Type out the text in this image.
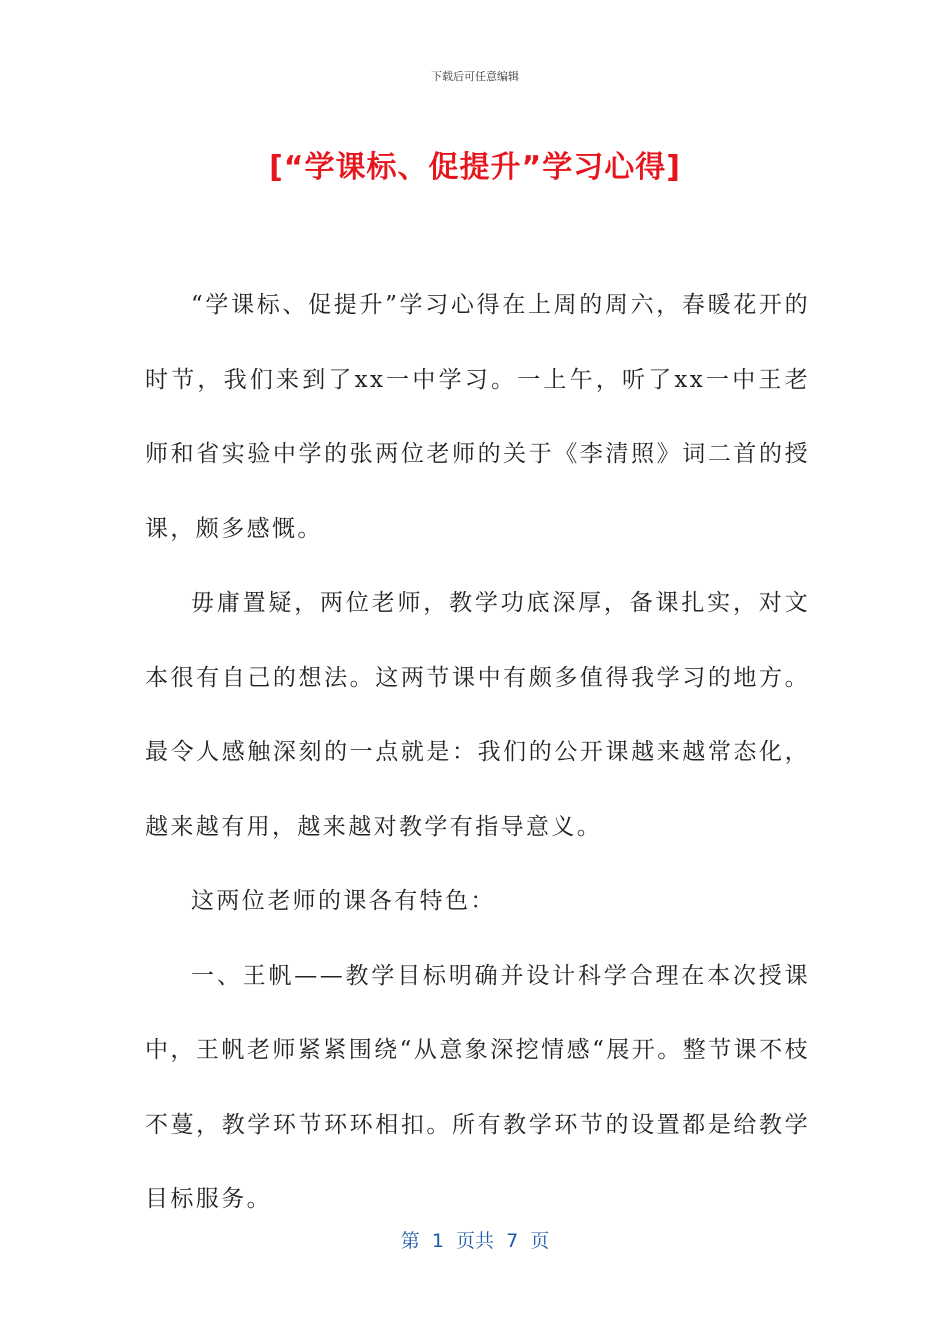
下载后可任意编辑
[“学课标、促提升”学习心得]

“学课标、促提升”学习心得在上周的周六，春暖花开的时节，我们来到了xx一中学习。一上午，听了xx一中王老师和省实验中学的张两位老师的关于《李清照》词二首的授课，颇多感慨。

毋庸置疑，两位老师，教学功底深厚，备课扎实，对文本很有自己的想法。这两节课中有颇多值得我学习的地方。最令人感触深刻的一点就是：我们的公开课越来越常态化，越来越有用，越来越对教学有指导意义。

这两位老师的课各有特色：

一、王帆——教学目标明确并设计科学合理在本次授课中，王帆老师紧紧围绕“从意象深挖情感“展开。整节课不枝不蔓，教学环节环环相扣。所有教学环节的设置都是给教学目标服务。

第  1  页共  7  页
